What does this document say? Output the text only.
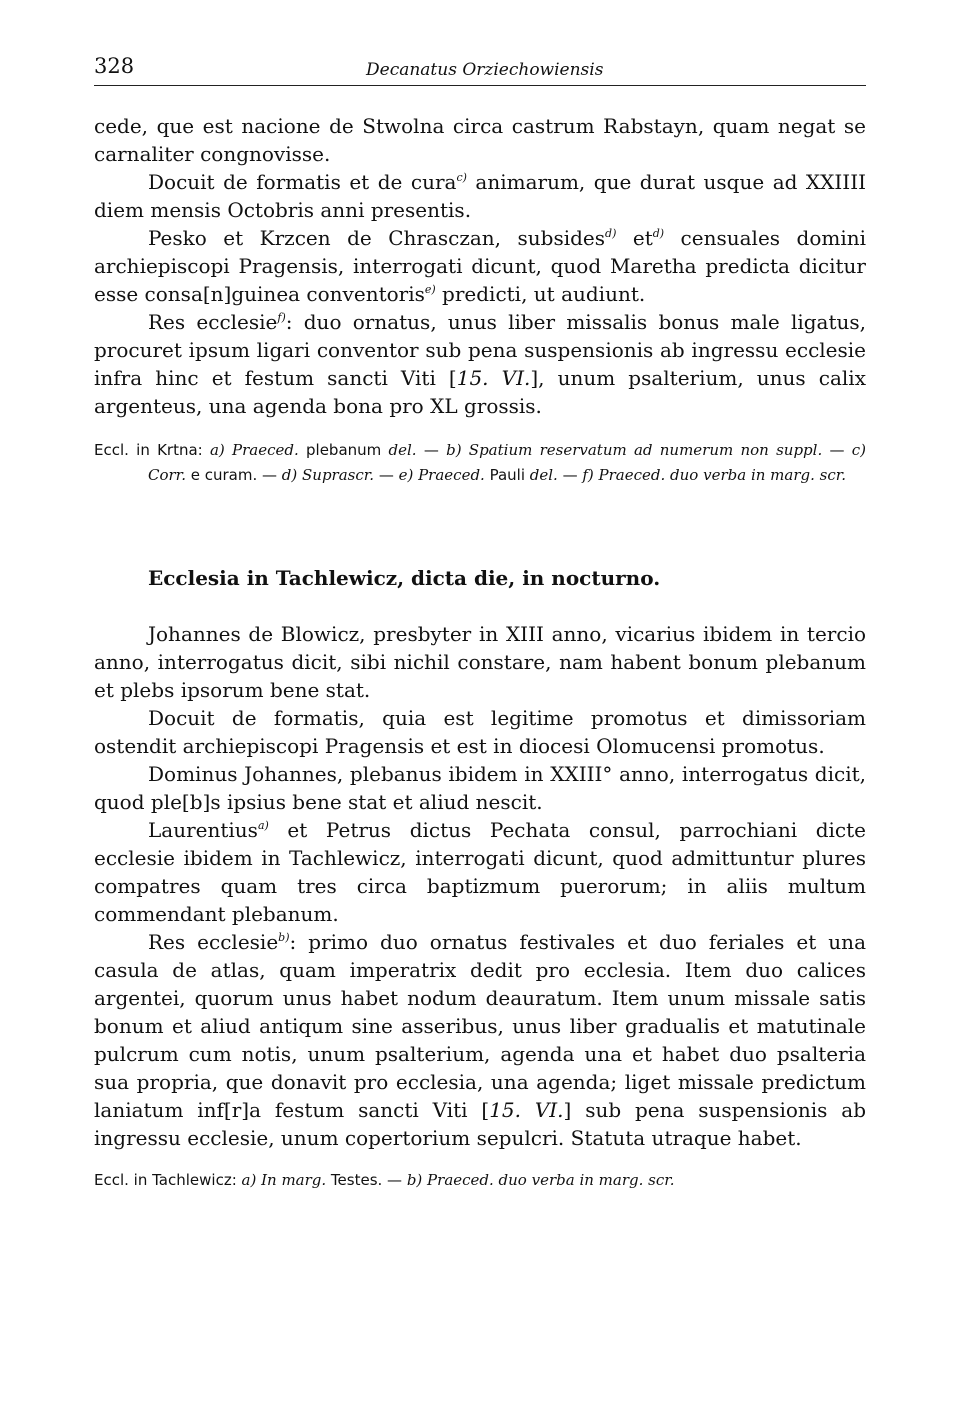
328	Decanatus Orziechowiensis

cede, que est nacione de Stwolna circa castrum Rabstayn, quam negat se carnaliter congnovisse.

Docuit de formatis et de cura$^{c)}$ animarum, que durat usque ad XXIIII diem mensis Octobris anni presentis.

Pesko et Krzcen de Chrasczan, subsides$^{d)}$ $et^{d)}$ censuales domini archiepiscopi Pragensis, interrogati dicunt, quod Maretha predicta dicitur esse consa[n]guinea conventoris$^{e)}$ predicti, ut audiunt.

Res ecclesie$^{f)}$: duo ornatus, unus liber missalis bonus male ligatus, procuret ipsum ligari conventor sub pena suspensionis ab ingressu ecclesie infra hinc et festum sancti Viti [15. VI.], unum psalterium, unus calix argenteus, una agenda bona pro XL grossis.

Eccl. in Krtna: a) Praeced. plebanum del. — b) Spatium reservatum ad numerum non suppl. — c) Corr. e curam. — d) Suprascr. — e) Praeced. Pauli del. — f) Praeced. duo verba in marg. scr.

Ecclesia in Tachlewicz, dicta die, in nocturno.

Johannes de Blowicz, presbyter in XIII anno, vicarius ibidem in tercio anno, interrogatus dicit, sibi nichil constare, nam habent bonum plebanum et plebs ipsorum bene stat.

Docuit de formatis, quia est legitime promotus et dimissoriam ostendit archiepiscopi Pragensis et est in diocesi Olomucensi promotus.

Dominus Johannes, plebanus ibidem in XXIII° anno, interrogatus dicit, quod ple[b]s ipsius bene stat et aliud nescit.

Laurentius$^{a)}$ et Petrus dictus Pechata consul, parrochiani dicte ecclesie ibidem in Tachlewicz, interrogati dicunt, quod admittuntur plures compatres quam tres circa baptizmum puerorum; in aliis multum commendant plebanum.

Res ecclesie$^{b)}$: primo duo ornatus festivales et duo feriales et una casula de atlas, quam imperatrix dedit pro ecclesia. Item duo calices argentei, quorum unus habet nodum deauratum. Item unum missale satis bonum et aliud antiqum sine asseribus, unus liber gradualis et matutinale pulcrum cum notis, unum psalterium, agenda una et habet duo psalteria sua propria, que donavit pro ecclesia, una agenda; liget missale predictum laniatum inf[r]a festum sancti Viti [15. VI.] sub pena suspensionis ab ingressu ecclesie, unum copertorium sepulcri. Statuta utraque habet.

Eccl. in Tachlewicz: a) In marg. Testes. — b) Praeced. duo verba in marg. scr.
